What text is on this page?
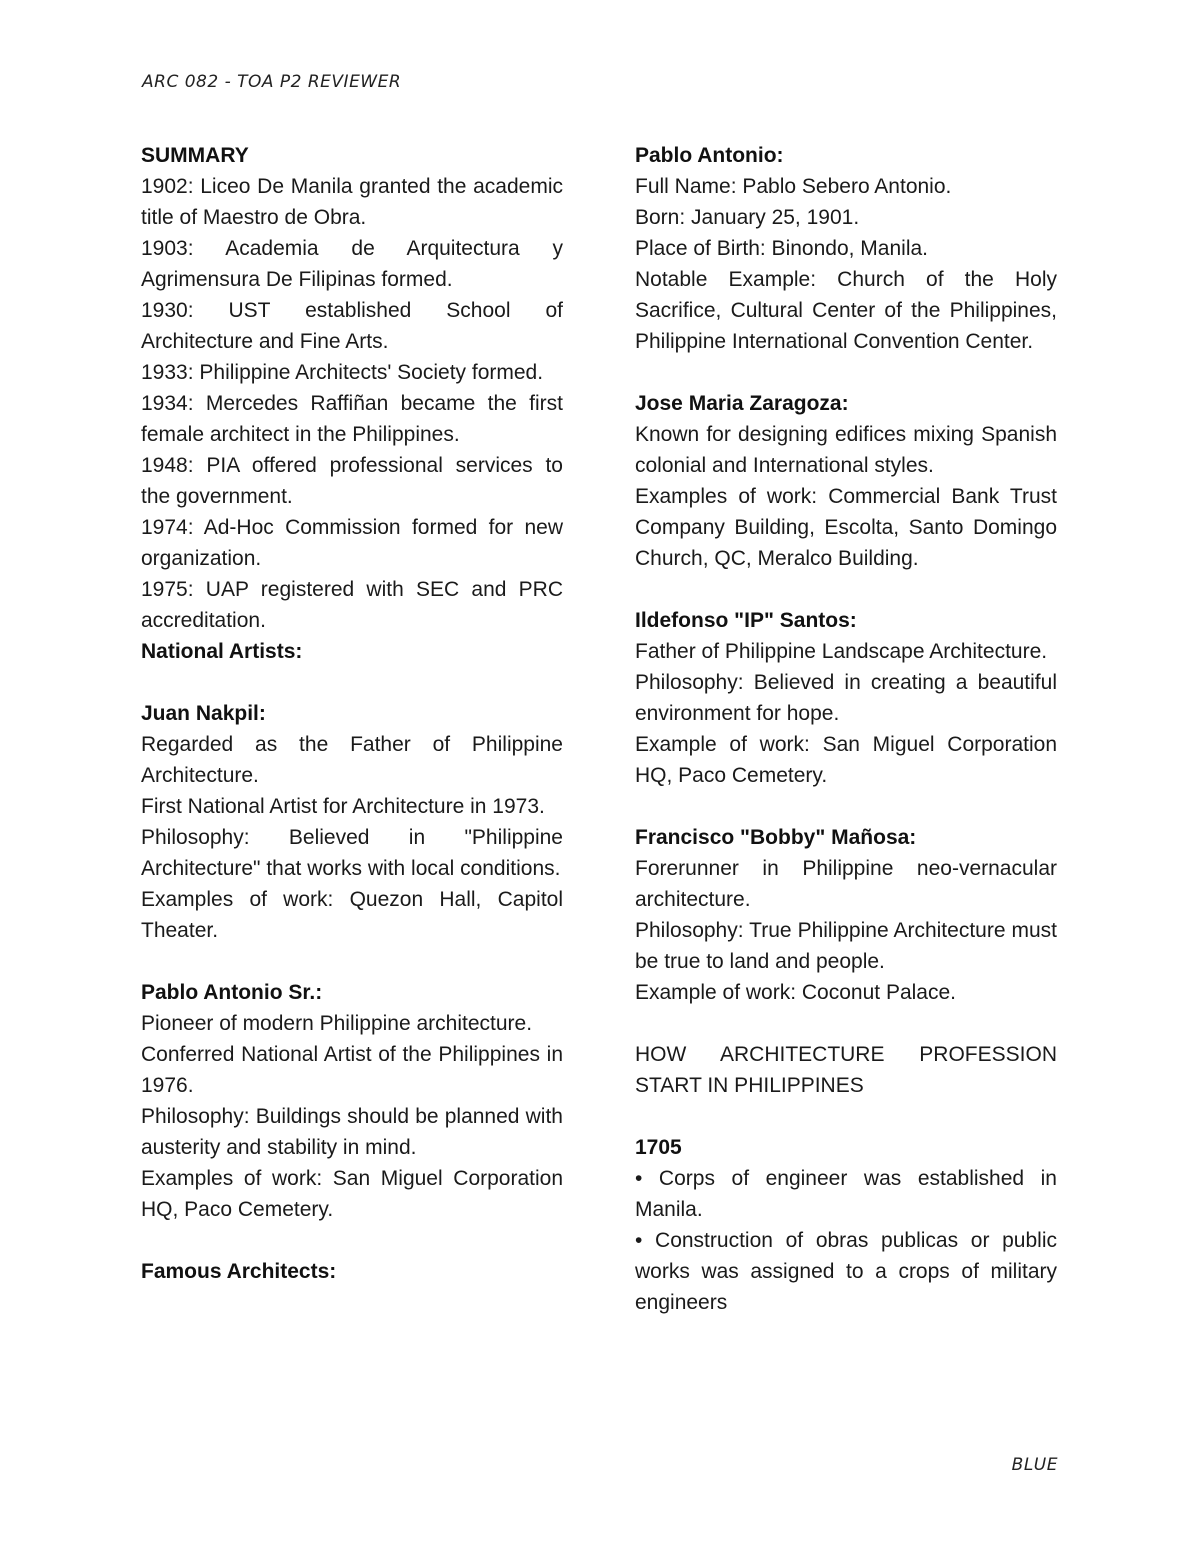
ARC 082 - TOA P2 REVIEWER

SUMMARY

1902: Liceo De Manila granted the academic title of Maestro de Obra.

1903: Academia de Arquitectura y Agrimensura De Filipinas formed.

1930: UST established School of Architecture and Fine Arts.

1933: Philippine Architects' Society formed.

1934: Mercedes Raffiñan became the first female architect in the Philippines.

1948: PIA offered professional services to the government.

1974: Ad-Hoc Commission formed for new organization.

1975: UAP registered with SEC and PRC accreditation.

National Artists:

Juan Nakpil:

Regarded as the Father of Philippine Architecture.

First National Artist for Architecture in 1973.

Philosophy: Believed in "Philippine Architecture" that works with local conditions.

Examples of work: Quezon Hall, Capitol Theater.

Pablo Antonio Sr.:

Pioneer of modern Philippine architecture.

Conferred National Artist of the Philippines in 1976.

Philosophy: Buildings should be planned with austerity and stability in mind.

Examples of work: San Miguel Corporation HQ, Paco Cemetery.

Famous Architects:

Pablo Antonio:

Full Name: Pablo Sebero Antonio.

Born: January 25, 1901.

Place of Birth: Binondo, Manila.

Notable Example: Church of the Holy Sacrifice, Cultural Center of the Philippines, Philippine International Convention Center.

Jose Maria Zaragoza:

Known for designing edifices mixing Spanish colonial and International styles.

Examples of work: Commercial Bank Trust Company Building, Escolta, Santo Domingo Church, QC, Meralco Building.

Ildefonso "IP" Santos:

Father of Philippine Landscape Architecture.

Philosophy: Believed in creating a beautiful environment for hope.

Example of work: San Miguel Corporation HQ, Paco Cemetery.

Francisco "Bobby" Mañosa:

Forerunner in Philippine neo-vernacular architecture.

Philosophy: True Philippine Architecture must be true to land and people.

Example of work: Coconut Palace.

HOW ARCHITECTURE PROFESSION START IN PHILIPPINES

1705

• Corps of engineer was established in Manila.

• Construction of obras publicas or public works was assigned to a crops of military engineers

BLUE
